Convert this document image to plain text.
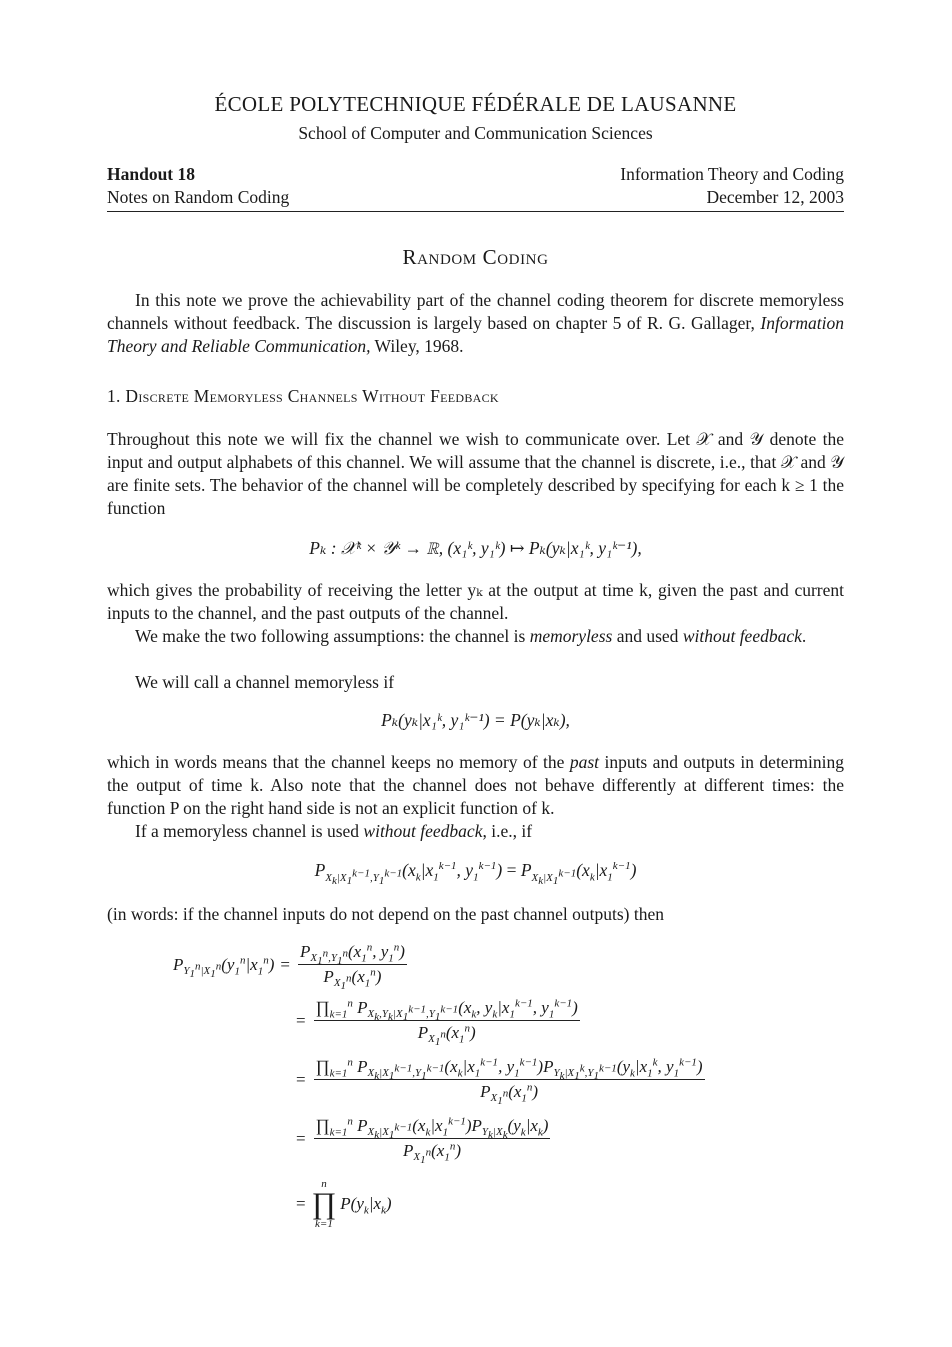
ÉCOLE POLYTECHNIQUE FÉDÉRALE DE LAUSANNE
School of Computer and Communication Sciences
Handout 18
Notes on Random Coding
Information Theory and Coding
December 12, 2003
Random Coding
In this note we prove the achievability part of the channel coding theorem for discrete memoryless channels without feedback. The discussion is largely based on chapter 5 of R. G. Gallager, Information Theory and Reliable Communication, Wiley, 1968.
1. Discrete Memoryless Channels Without Feedback
Throughout this note we will fix the channel we wish to communicate over. Let 𝒳 and 𝒴 denote the input and output alphabets of this channel. We will assume that the channel is discrete, i.e., that 𝒳 and 𝒴 are finite sets. The behavior of the channel will be completely described by specifying for each k ≥ 1 the function
Pₖ : 𝒳ᵏ × 𝒴ᵏ → ℝ, (x₁ᵏ, y₁ᵏ) ↦ Pₖ(yₖ|x₁ᵏ, y₁ᵏ⁻¹),
which gives the probability of receiving the letter yₖ at the output at time k, given the past and current inputs to the channel, and the past outputs of the channel.
We make the two following assumptions: the channel is memoryless and used without feedback.
We will call a channel memoryless if
Pₖ(yₖ|x₁ᵏ, y₁ᵏ⁻¹) = P(yₖ|xₖ),
which in words means that the channel keeps no memory of the past inputs and outputs in determining the output of time k. Also note that the channel does not behave differently at different times: the function P on the right hand side is not an explicit function of k.
If a memoryless channel is used without feedback, i.e., if
$P_{X_k|X_1^{k-1},Y_1^{k-1}}(x_k|x_1^{k-1}$, $y_1^{k-1}) = P_{X_k|X_1^{k-1}}(x_k|x_1^{k-1})$
(in words: if the channel inputs do not depend on the past channel outputs) then
$P_{Y_1^n|X_1^n}(y_1^n|x_1^n) = \frac{P_{X_1^n,Y_1^n}(x_1^n, y_1^n)}{P_{X_1^n}(x_1^n)}$
= $\frac{\prod_{k=1}^n P_{X_k,Y_k|X_1^{k-1},Y_1^{k-1}}(x_k, y_k|x_1^{k-1}, y_1^{k-1})}{P_{X_1^n}(x_1^n)}$
=
$\prod_{k=1}^n$ $P_{X_k|X_1^{k-1},Y_1^{k-1}}(x_k|x_1^{k-1}$, $y_1^{k-1})P_{Y_k|X_1^k,Y_1^{k-1}}(y_k|x_1^k$, $y_1^{k-1}$)
$P_{X_1^n}(x_1^n)$
= $\frac{\prod_{k=1}^n P_{X_k|X_1^{k-1}}(x_k|x_1^{k-1})P_{Y_k|X_k}(y_k|x_k)}{P_{X_1^n}(x_1^n)}$
=
n
∏
k=1
$P(y_k|x_k)$
